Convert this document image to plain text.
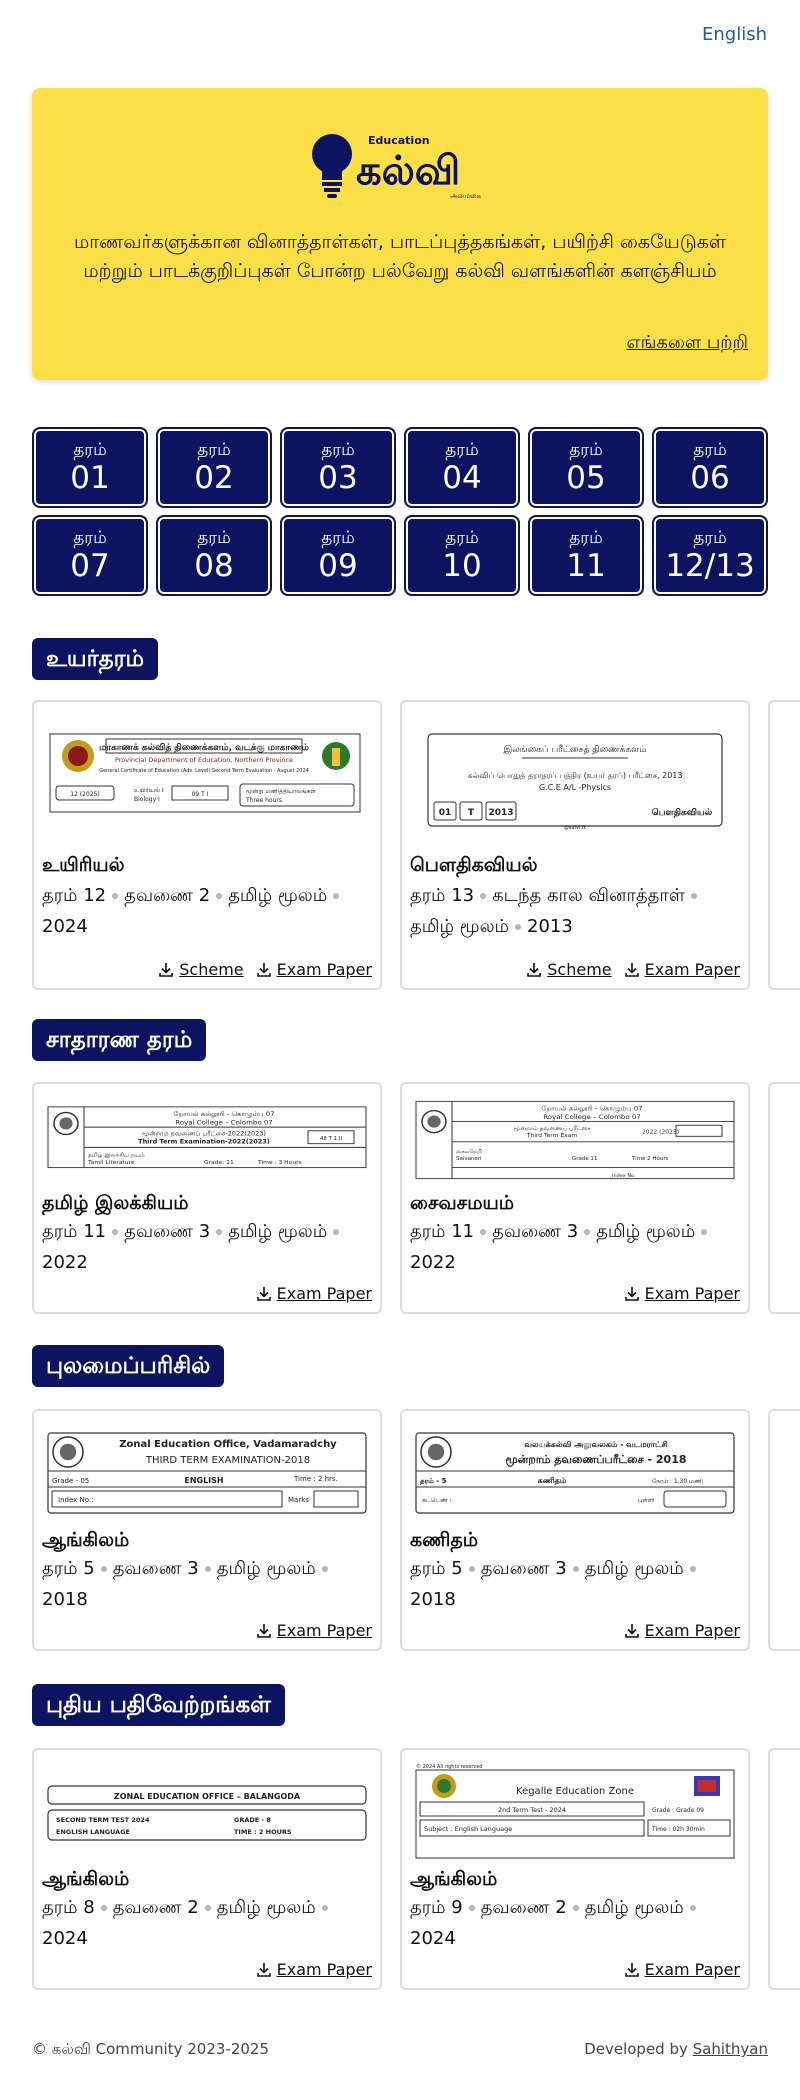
English
Education
கல்வி
அமைகை

மாணவர்களுக்கான வினாத்தாள்கள், பாடப்புத்தகங்கள், பயிற்சி கையேடுகள் மற்றும் பாடக்குறிப்புகள் போன்ற பல்வேறு கல்வி வளங்களின் களஞ்சியம்

எங்களை பற்றி
தரம்
01
தரம்
02
தரம்
03
தரம்
04
தரம்
05
தரம்
06
தரம்
07
தரம்
08
தரம்
09
தரம்
10
தரம்
11
தரம்
12/13
உயர்தரம்
மாகாணக் கல்வித் திணைக்களம், வடக்கு மாகாணம்
Provincial Department of Education, Northern Province
General Certificate of Education (Adv. Level) Second Term Evaluation - August 2024
12 (2025)
உயிரியல் I
Biology I
09 T I	மூன்று மணித்தியாலங்கள்
Three hours
உயிரியல்
தரம் 12 தவணை 2 தமிழ் மூலம்2024
Scheme Exam Paper
இலங்கைப் பரீட்சைத் திணைக்களம்
கல்விப் பொதுத் தராதரப் பத்திர (உயர் தரப்) பரீட்சை, 2013
G.C.E A/L -Physics
01 T 2013	பௌதிகவியல்
@kalvi.lk
பௌதிகவியல்
தரம் 13 கடந்த கால வினாத்தாள்தமிழ் மூலம் 2013
Scheme Exam Paper
சாதாரண தரம்
றோயல் கல்லூரி - கொழும்பு 07
Royal College – Colombo 07
மூன்றாம் தவணைப் பரீட்சை-2022(2023)
Third Term Examination-2022(2023)	48 T 1,II
தமிழ் இலக்கிய நயம்
Tamil Literature	Grade: 11	Time : 3 Hours
தமிழ் இலக்கியம்
தரம் 11 தவணை 3 தமிழ் மூலம்2022
Exam Paper
றோயல் கல்லூரி - கொழும்பு 07
Royal College – Colombo 07
மூன்றாம் தவணைப் பரீட்சை
Third Term Exam
2022 (2023)
சைவநெறி
Saivaneri	Grade 11	Time 2 Hours
Index No.
சைவசமயம்
தரம் 11 தவணை 3 தமிழ் மூலம்2022
Exam Paper
புலமைப்பரிசில்
Zonal Education Office, Vadamaradchy
THIRD TERM EXAMINATION-2018
Grade - 05	ENGLISH	Time : 2 hrs.
Index No.:	Marks
ஆங்கிலம்
தரம் 5 தவணை 3 தமிழ் மூலம்2018
Exam Paper
வலயக்கல்வி அலுவலகம் - வடமராட்சி
மூன்றாம் தவணைப்பரீட்சை - 2018
தரம் - 5	கணிதம்	நேரம் : 1.30 மணி
சுட்டெண் :	புள்ளி
கணிதம்
தரம் 5 தவணை 3 தமிழ் மூலம்2018
Exam Paper
புதிய பதிவேற்றங்கள்
ZONAL EDUCATION OFFICE – BALANGODA
SECOND TERM TEST 2024
ENGLISH LANGUAGE
GRADE - 8
TIME : 2 HOURS
ஆங்கிலம்
தரம் 8 தவணை 2 தமிழ் மூலம்2024
Exam Paper
© 2024 All rights reserved
Kegalle Education Zone
2nd Term Test - 2024	Grade : Grade 09
Subject : English Language	Time : 02h 30min
ஆங்கிலம்
தரம் 9 தவணை 2 தமிழ் மூலம்2024
Exam Paper
© கல்வி Community 2023-2025	Developed by Sahithyan
